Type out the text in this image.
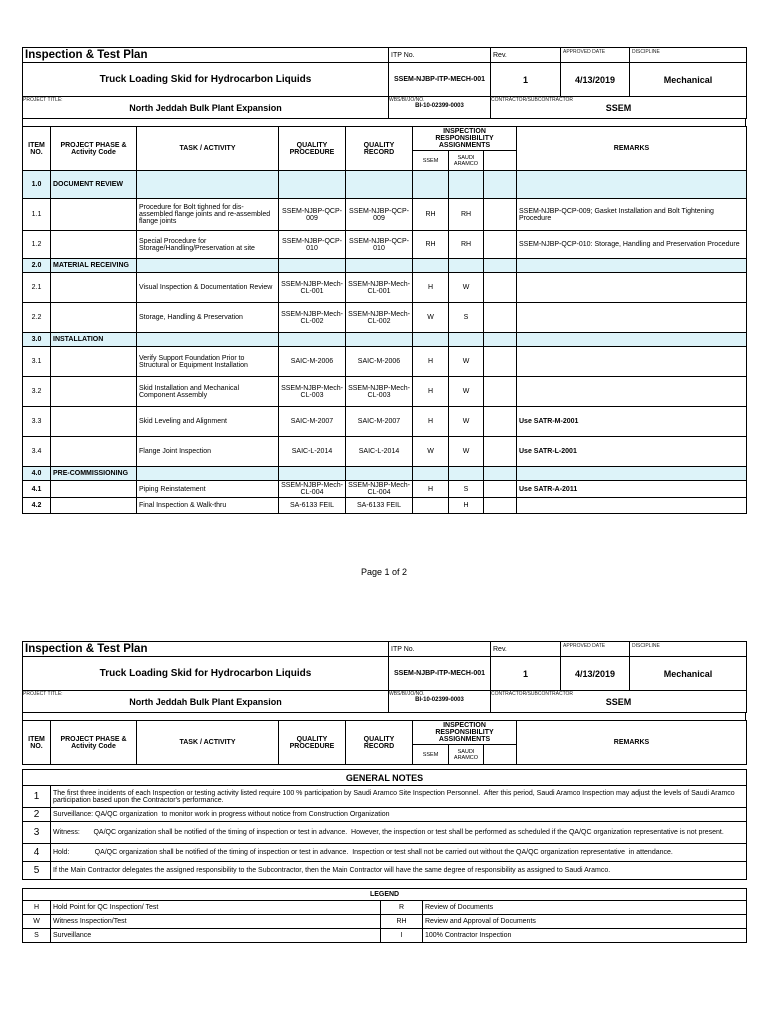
Inspection & Test Plan	ITP No.	Rev.	APPROVED DATE	DISCIPLINE
Truck Loading Skid for Hydrocarbon Liquids	SSEM-NJBP-ITP-MECH-001	1	4/13/2019	Mechanical
PROJECT TITLE:
North Jeddah Bulk Plant Expansion

WBS/BI/JO/NO.
BI-10-02399-0003

CONTRACTOR/SUBCONTRACTOR
SSEM
ITEM NO.	PROJECT PHASE & Activity Code	TASK / ACTIVITY	QUALITY PROCEDURE	QUALITY RECORD	INSPECTION RESPONSIBILITY ASSIGNMENTS			REMARKS
					SSEM	SAUDI ARAMCO		
1.0	DOCUMENT REVIEW							
1.1		Procedure for Bolt tighned for dis-assembled flange joints and re-assembled flange joints	SSEM-NJBP-QCP-009	SSEM-NJBP-QCP-009	RH	RH		SSEM-NJBP-QCP-009; Gasket Installation and Bolt Tightening Procedure
1.2		Special Procedure for Storage/Handling/Preservation at site	SSEM-NJBP-QCP-010	SSEM-NJBP-QCP-010	RH	RH		SSEM-NJBP-QCP-010: Storage, Handling and Preservation Procedure
2.0	MATERIAL RECEIVING							
2.1		Visual Inspection & Documentation Review	SSEM-NJBP-Mech-CL-001	SSEM-NJBP-Mech-CL-001	H	W		
2.2		Storage, Handling & Preservation	SSEM-NJBP-Mech-CL-002	SSEM-NJBP-Mech-CL-002	W	S		
3.0	INSTALLATION							
3.1		Verify Support Foundation Prior to Structural or Equipment Installation	SAIC-M-2006	SAIC-M-2006	H	W		
3.2		Skid Installation and Mechanical Component Assembly	SSEM-NJBP-Mech-CL-003	SSEM-NJBP-Mech-CL-003	H	W		
3.3		Skid Leveling and Alignment	SAIC-M-2007	SAIC-M-2007	H	W		Use SATR-M-2001
3.4		Flange Joint Inspection	SAIC-L-2014	SAIC-L-2014	W	W		Use SATR-L-2001
4.0	PRE-COMMISSIONING							
4.1		Piping Reinstatement	SSEM-NJBP-Mech-CL-004	SSEM-NJBP-Mech-CL-004	H	S		Use SATR-A-2011
4.2		Final Inspection & Walk-thru	SA-6133 FEIL	SA-6133 FEIL		H		
Page 1 of 2
Inspection & Test Plan	ITP No.	Rev.	APPROVED DATE	DISCIPLINE
Truck Loading Skid for Hydrocarbon Liquids	SSEM-NJBP-ITP-MECH-001	1	4/13/2019	Mechanical
PROJECT TITLE:
North Jeddah Bulk Plant Expansion

WBS/BI/JO/NO.
BI-10-02399-0003

CONTRACTOR/SUBCONTRACTOR
SSEM
ITEM NO.	PROJECT PHASE & Activity Code	TASK / ACTIVITY	QUALITY PROCEDURE	QUALITY RECORD	INSPECTION RESPONSIBILITY ASSIGNMENTS			REMARKS
					SSEM	SAUDI ARAMCO		
GENERAL NOTES	
1	The first three incidents of each Inspection or testing activity listed require 100 % participation by Saudi Aramco Site Inspection Personnel.  After this period, Saudi Aramco Inspection may adjust the levels of Saudi Aramco participation based upon the Contractor's performance.
2	Surveillance: QA/QC organization  to monitor work in progress without notice from Construction Organization
3	Witness:       QA/QC organization shall be notified of the timing of inspection or test in advance.  However, the inspection or test shall be performed as scheduled if the QA/QC organization representative is not present.
4	Hold:             QA/QC organization shall be notified of the timing of inspection or test in advance.  Inspection or test shall not be carried out without the QA/QC organization representative  in attendance.
5	If the Main Contractor delegates the assigned responsibility to the Subcontractor, then the Main Contractor will have the same degree of responsibility as assigned to Saudi Aramco.
LEGEND			
H	Hold Point for QC Inspection/ Test	R	Review of Documents
W	Witness Inspection/Test	RH	Review and Approval of Documents
S	Surveillance	I	100% Contractor Inspection
